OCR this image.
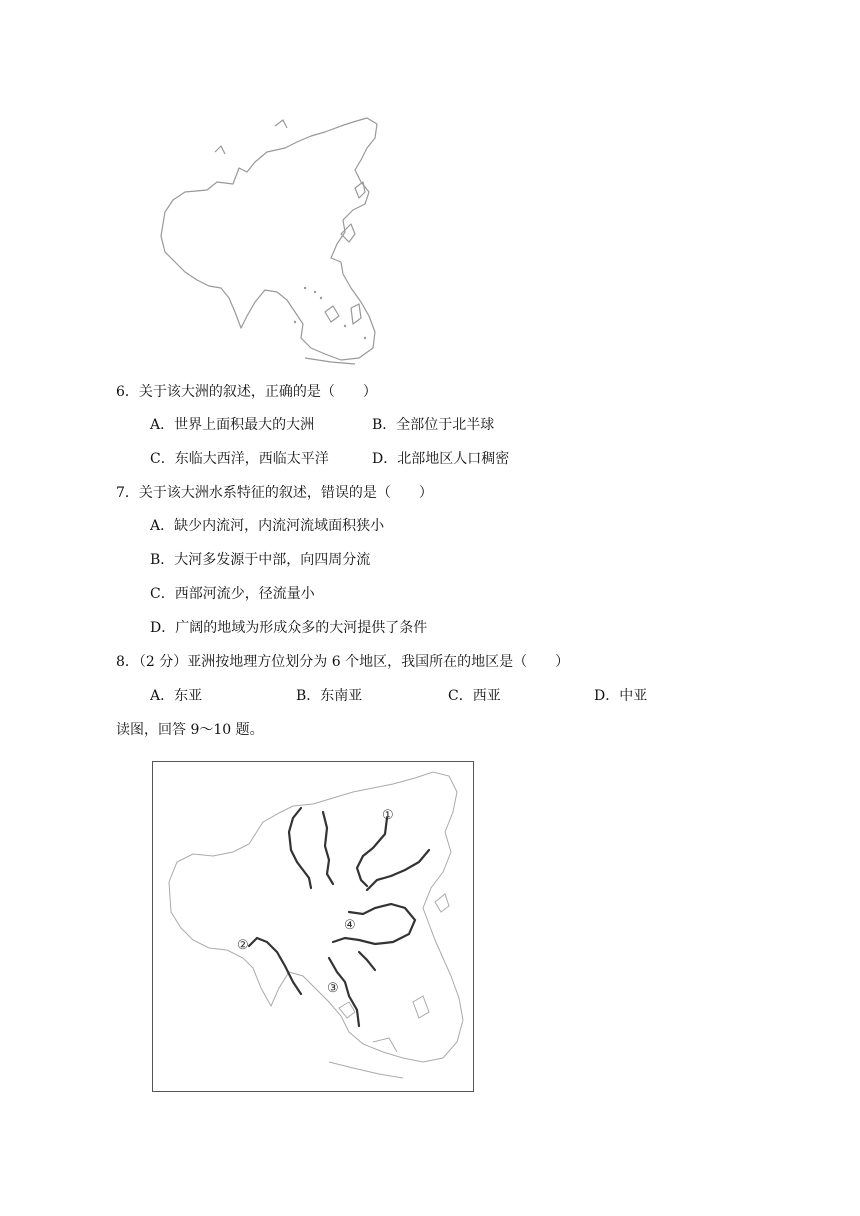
6．关于该大洲的叙述，正确的是（　　）
A．世界上面积最大的大洲	B．全部位于北半球
C．东临大西洋，西临太平洋	D．北部地区人口稠密
7．关于该大洲水系特征的叙述，错误的是（　　）
A．缺少内流河，内流河流域面积狭小
B．大河多发源于中部，向四周分流
C．西部河流少，径流量小
D．广阔的地域为形成众多的大河提供了条件
8．（2 分）亚洲按地理方位划分为 6 个地区，我国所在的地区是（　　）
A．东亚	B．东南亚	C．西亚	D．中亚
读图，回答 9～10 题。
①
②
③
④
